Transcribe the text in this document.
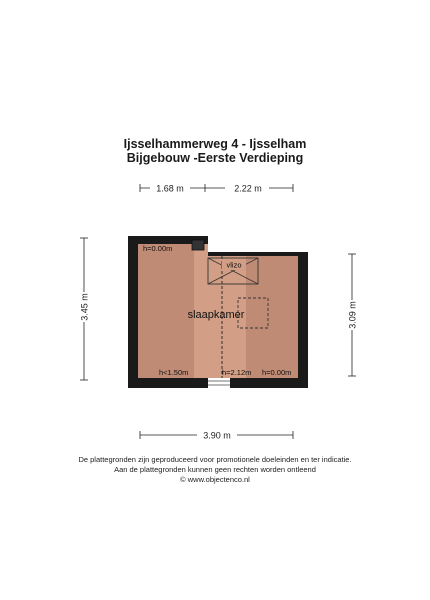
Ijsselhammerweg 4 - Ijsselham
Bijgebouw -Eerste Verdieping
1.68 m	2.22 m
3.45 m	3.09 m
3.90 m
vlizo
slaapkamer
h=0.00m
h<1.50m	h=2.12m h=0.00m
De plattegronden zijn geproduceerd voor promotionele doeleinden en ter indicatie.
Aan de plattegronden kunnen geen rechten worden ontleend
© www.objectenco.nl
